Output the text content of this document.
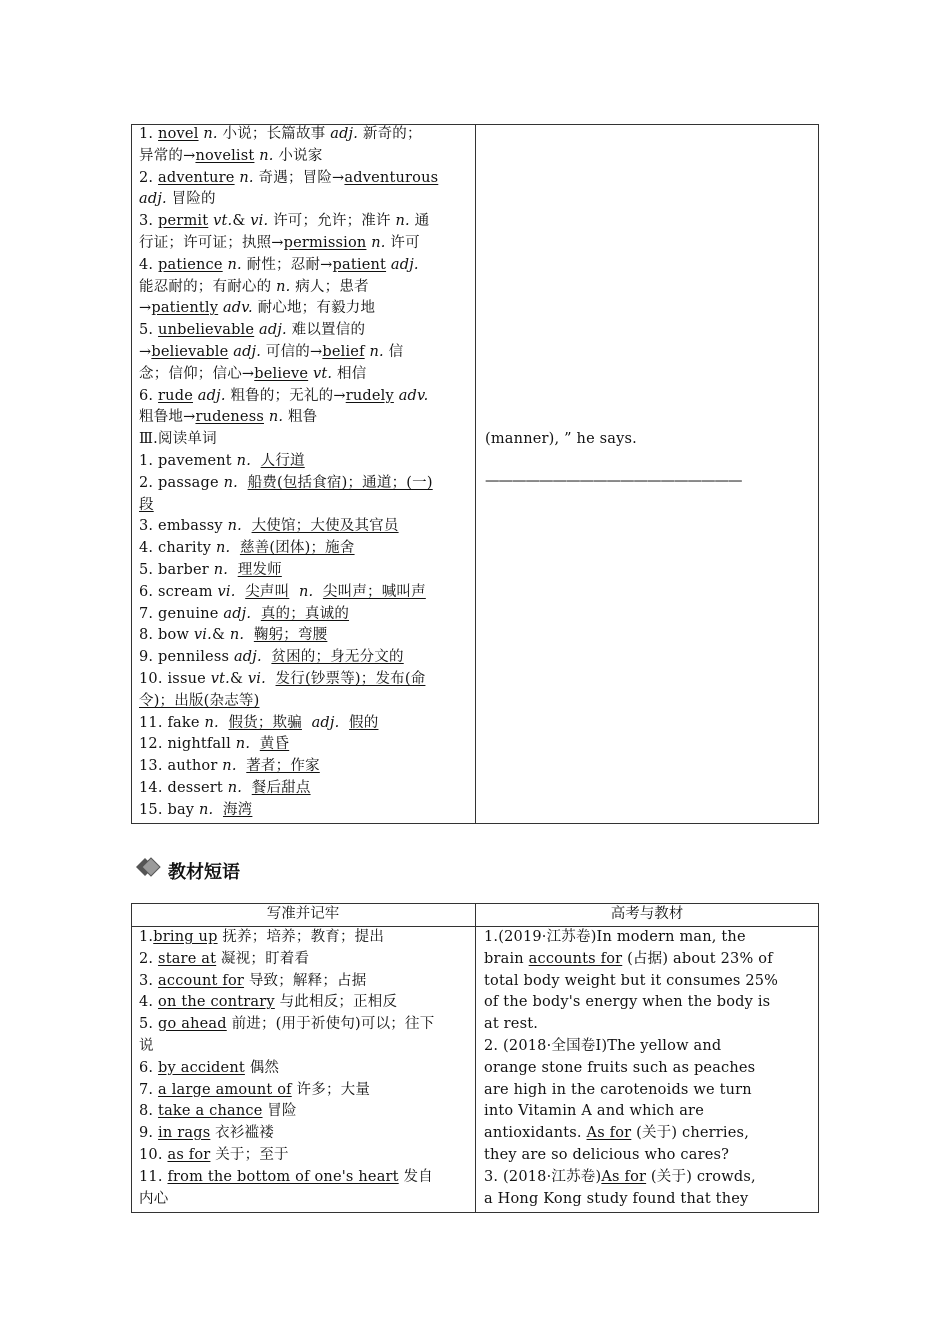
1. novel n. 小说；长篇故事 adj. 新奇的；
异常的→novelist n. 小说家
2. adventure n. 奇遇；冒险→adventurous
adj. 冒险的
3. permit vt.& vi. 许可；允许；准许 n. 通
行证；许可证；执照→permission n. 许可
4. patience n. 耐性；忍耐→patient adj.
能忍耐的；有耐心的 n. 病人；患者
→patiently adv. 耐心地；有毅力地
5. unbelievable adj. 难以置信的
→believable adj. 可信的→belief n. 信
念；信仰；信心→believe vt. 相信
6. rude adj. 粗鲁的；无礼的→rudely adv.
粗鲁地→rudeness n. 粗鲁
Ⅲ.阅读单词
1. pavement n. 人行道
2. passage n. 船费(包括食宿)；通道；(一)
段
3. embassy n. 大使馆；大使及其官员
4. charity n. 慈善(团体)；施舍
5. barber n. 理发师
6. scream vi. 尖声叫 n. 尖叫声；喊叫声
7. genuine adj. 真的；真诚的
8. bow vi.& n. 鞠躬；弯腰
9. penniless adj. 贫困的；身无分文的
10. issue vt.& vi. 发行(钞票等)；发布(命
令)；出版(杂志等)
11. fake n. 假货；欺骗 adj. 假的
12. nightfall n. 黄昏
13. author n. 著者；作家
14. dessert n. 餐后甜点
15. bay n. 海湾
(manner), ” he says.
———————————————————
教材短语
写准并记牢	高考与教材
1.bring up 抚养；培养；教育；提出
2. stare at 凝视；盯着看
3. account for 导致；解释；占据
4. on the contrary 与此相反；正相反
5. go ahead 前进；(用于祈使句)可以；往下
说
6. by accident 偶然
7. a large amount of 许多；大量
8. take a chance 冒险
9. in rags 衣衫褴褛
10. as for 关于；至于
11. from the bottom of one's heart 发自
内心
1.(2019·江苏卷)In modern man, the
brain accounts for (占据) about 23% of
total body weight but it consumes 25%
of the body's energy when the body is
at rest.
2. (2018·全国卷Ⅰ)The yellow and
orange stone fruits such as peaches
are high in the carotenoids we turn
into Vitamin A and which are
antioxidants. As for (关于) cherries,
they are so delicious who cares?
3. (2018·江苏卷)As for (关于) crowds,
a Hong Kong study found that they
